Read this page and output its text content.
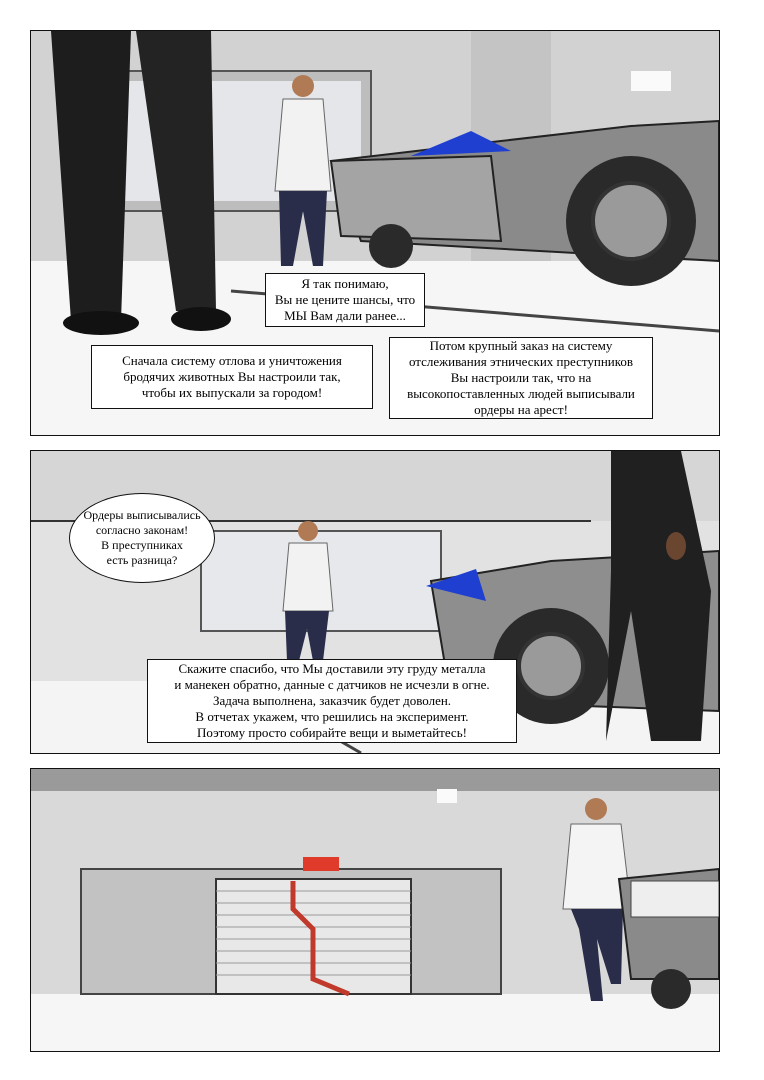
Я так понимаю,
Вы не цените шансы, что
МЫ Вам дали ранее...
Сначала систему отлова и уничтожения
бродячих животных Вы настроили так,
чтобы их выпускали за городом!
Потом крупный заказ на систему
отслеживания этнических преступников
Вы настроили так, что на
высокопоставленных людей выписывали
ордеры на арест!
Ордеры выписывались
согласно законам!
В преступниках
есть разница?
Скажите спасибо, что Мы доставили эту груду металла
и манекен обратно, данные с датчиков не исчезли в огне.
Задача выполнена, заказчик будет доволен.
В отчетах укажем, что решились на эксперимент.
Поэтому просто собирайте вещи и выметайтесь!
